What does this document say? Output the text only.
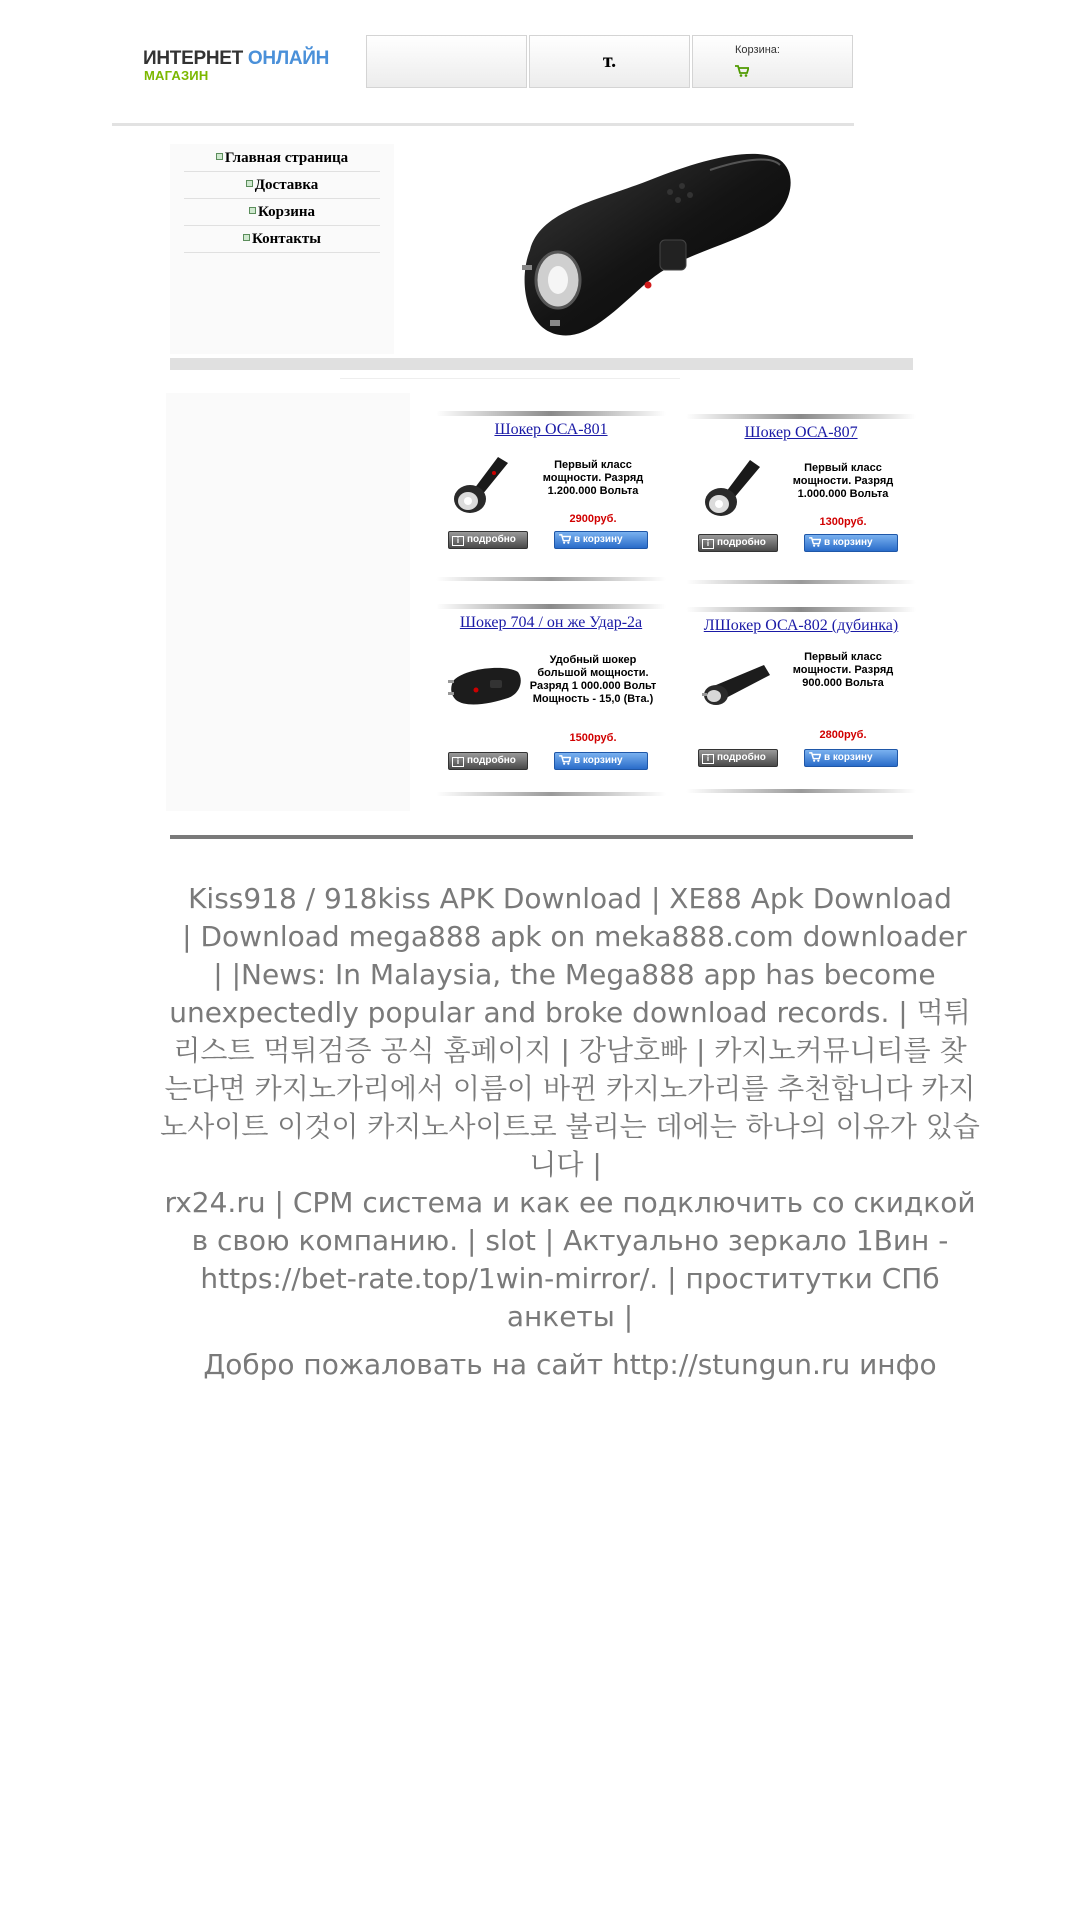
ИНТЕРНЕТ ОНЛАЙН
МАГАЗИН
т.	Корзина:
Главная страница
Доставка
Корзина
Контакты
Шокер ОСА-801
Первый класс мощности. Разряд 1.200.000 Вольта
2900руб.
i подробно	в корзину
Шокер ОСА-807
Первый класс мощности. Разряд 1.000.000 Вольта
1300руб.
i подробно	в корзину
Шокер 704 / он же Удар-2а
Удобный шокер большой мощности. Разряд 1 000.000 Вольт Мощность - 15,0 (Вта.)
1500руб.
i подробно	в корзину
ЛШокер ОСА-802 (дубинка)
Первый класс мощности. Разряд 900.000 Вольта
2800руб.
i подробно	в корзину
Kiss918 / 918kiss APK Download | XE88 Apk Download | Download mega888 apk on meka888.com downloader | |News: In Malaysia, the Mega888 app has become unexpectedly popular and broke download records. | 먹튀리스트 먹튀검증 공식 홈페이지 | 강남호빠 | 카지노커뮤니티를 찾는다면 카지노가리에서 이름이 바뀐 카지노가리를 추천합니다 카지노사이트 이것이 카지노사이트로 불리는 데에는 하나의 이유가 있습니다 |
rx24.ru | CPM система и как ее подключить со скидкой в свою компанию. | slot | Актуально зеркало 1Вин - https://bet-rate.top/1win-mirror/. | проститутки СПб анкеты |
Добро пожаловать на сайт http://stungun.ru инфо
